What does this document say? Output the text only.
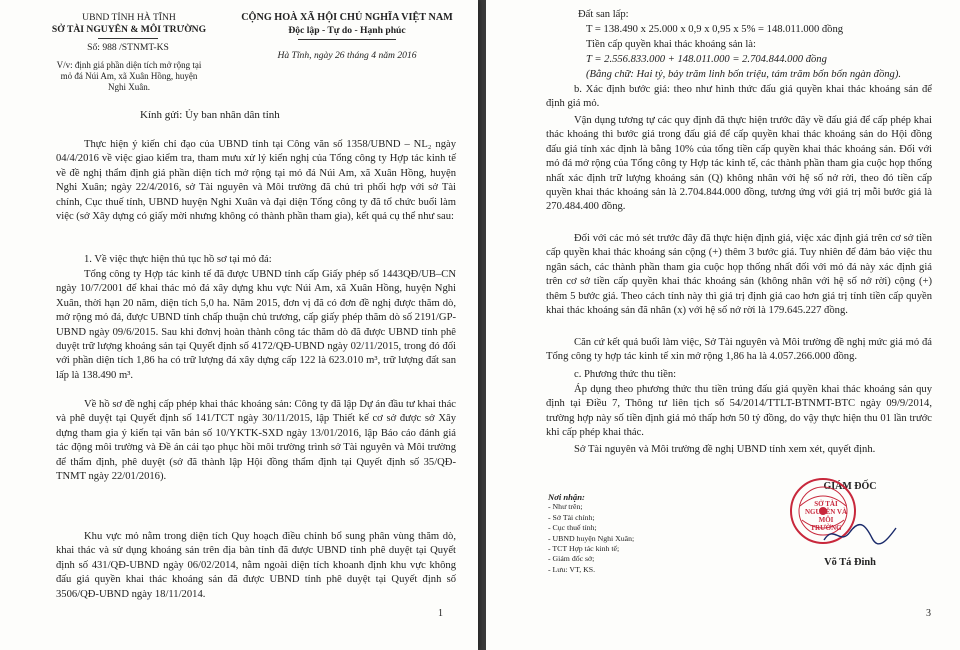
UBND TỈNH HÀ TĨNH
SỞ TÀI NGUYÊN & MÔI TRƯỜNG
Số: 988 /STNMT-KS
V/v: định giá phần diện tích mở rộng tại mỏ đá Núi Am, xã Xuân Hồng, huyện Nghi Xuân.
CỘNG HOÀ XÃ HỘI CHỦ NGHĨA VIỆT NAM
Độc lập - Tự do - Hạnh phúc
Hà Tĩnh, ngày 26 tháng 4 năm 2016
Kính gửi: Ủy ban nhân dân tỉnh
Thực hiện ý kiến chỉ đạo của UBND tỉnh tại Công văn số 1358/UBND – NL₂ ngày 04/4/2016 về việc giao kiểm tra, tham mưu xử lý kiến nghị của Tổng công ty Hợp tác kinh tế về đề nghị thẩm định giá phần diện tích mở rộng tại mỏ đá Núi Am, xã Xuân Hồng, huyện Nghi Xuân; ngày 22/4/2016, sở Tài nguyên và Môi trường đã chủ trì phối hợp với sở Tài chính, Cục thuế tỉnh, UBND huyện Nghi Xuân và đại diện Tổng công ty đã tổ chức buổi làm việc (sở Xây dựng có giấy mời nhưng không có thành phần tham gia), kết quả cụ thể như sau:
1. Về việc thực hiện thủ tục hồ sơ tại mỏ đá:
Tổng công ty Hợp tác kinh tế đã được UBND tỉnh cấp Giấy phép số 1443QĐ/UB–CN ngày 10/7/2001 để khai thác mỏ đá xây dựng khu vực Núi Am, xã Xuân Hồng, huyện Nghi Xuân, thời hạn 20 năm, diện tích 5,0 ha. Năm 2015, đơn vị đã có đơn đề nghị được thăm dò, mở rộng mỏ đá, được UBND tỉnh chấp thuận chủ trương, cấp giấy phép thăm dò số 2191/GP-UBND ngày 09/6/2015. Sau khi đơnvị hoàn thành công tác thăm dò đã được UBND tỉnh phê duyệt trữ lượng khoáng sản tại Quyết định số 4172/QĐ-UBND ngày 02/11/2015, trong đó đối với phần diện tích 1,86 ha có trữ lượng đá xây dựng cấp 122 là 623.010 m³, trữ lượng đất san lấp là 138.490 m³.
Về hồ sơ đề nghị cấp phép khai thác khoáng sản: Công ty đã lập Dự án đầu tư khai thác và phê duyệt tại Quyết định số 141/TCT ngày 30/11/2015, lập Thiết kế cơ sở được sở Xây dựng tham gia ý kiến tại văn bản số 10/YKTK-SXD ngày 13/01/2016, lập Báo cáo đánh giá tác động môi trường và Đề án cải tạo phục hồi môi trường trình sở Tài nguyên và Môi trường để thẩm định, phê duyệt (sở đã thành lập Hội đồng thẩm định tại Quyết định số 35/QĐ-TNMT ngày 22/01/2016).
Khu vực mỏ nằm trong diện tích Quy hoạch điều chỉnh bổ sung phân vùng thăm dò, khai thác và sử dụng khoáng sản trên địa bàn tỉnh đã được UBND tỉnh phê duyệt tại Quyết định số 431/QĐ-UBND ngày 06/02/2014, nằm ngoài diện tích khoanh định khu vực không đấu giá quyền khai thác khoáng sản đã được UBND tỉnh phê duyệt tại Quyết định số 3506/QĐ-UBND ngày 18/11/2014.
1
Đất san lấp:
T = 138.490 x 25.000 x 0,9 x 0,95 x 5% = 148.011.000 đồng
Tiền cấp quyền khai thác khoáng sản là:
T = 2.556.833.000 + 148.011.000 = 2.704.844.000 đồng
(Bằng chữ: Hai tỷ, bảy trăm linh bốn triệu, tám trăm bốn bốn ngàn đồng).
b. Xác định bước giá: theo như hình thức đấu giá quyền khai thác khoáng sản để định giá mỏ.
Vận dụng tương tự các quy định đã thực hiện trước đây về đấu giá để cấp phép khai thác khoáng thì bước giá trong đấu giá để cấp quyền khai thác khoáng sản do Hội đồng đấu giá tính xác định là bằng 10% của tổng tiền cấp quyền khai thác khoáng sản. Đối với mỏ đá mở rộng của Tổng công ty Hợp tác kinh tế, các thành phần tham gia cuộc họp thống nhất xác định trữ lượng khoáng sản (Q) không nhân với hệ số nở rời, theo đó tiền cấp quyền khai thác khoáng sản là 2.704.844.000 đồng, tương ứng với giá trị mỗi bước giá là 270.484.400 đồng.
Đối với các mỏ sét trước đây đã thực hiện định giá, việc xác định giá trên cơ sở tiền cấp quyền khai thác khoáng sản cộng (+) thêm 3 bước giá. Tuy nhiên để đảm bảo việc thu ngân sách, các thành phần tham gia cuộc họp thống nhất đối với mỏ đá này xác định giá trên cơ sở tiền cấp quyền khai thác khoáng sản (không nhân với hệ số nở rời) cộng (+) thêm 5 bước giá. Theo cách tính này thì giá trị định giá cao hơn giá trị tính tiền cấp quyền khai thác khoáng sản đã nhân (x) với hệ số nở rời là 179.645.227 đồng.
Căn cứ kết quả buổi làm việc, Sở Tài nguyên và Môi trường đề nghị mức giá mỏ đá Tổng công ty hợp tác kinh tế xin mở rộng 1,86 ha là 4.057.266.000 đồng.
c. Phương thức thu tiền:
Áp dụng theo phương thức thu tiền trúng đấu giá quyền khai thác khoáng sản quy định tại Điều 7, Thông tư liên tịch số 54/2014/TTLT-BTNMT-BTC ngày 09/9/2014, trường hợp này số tiền định giá mỏ thấp hơn 50 tỷ đồng, do vậy thực hiện thu 01 lần trước khi cấp phép khai thác.
Sở Tài nguyên và Môi trường đề nghị UBND tỉnh xem xét, quyết định.
Nơi nhận:
- Như trên;
- Sở Tài chính;
- Cục thuế tỉnh;
- UBND huyện Nghi Xuân;
- TCT Hợp tác kinh tế;
- Giám đốc sở;
- Lưu: VT, KS.
GIÁM ĐỐC
SỞ TÀI NGUYÊN VÀ MÔI TRƯỜNG
Võ Tá Đinh
3
